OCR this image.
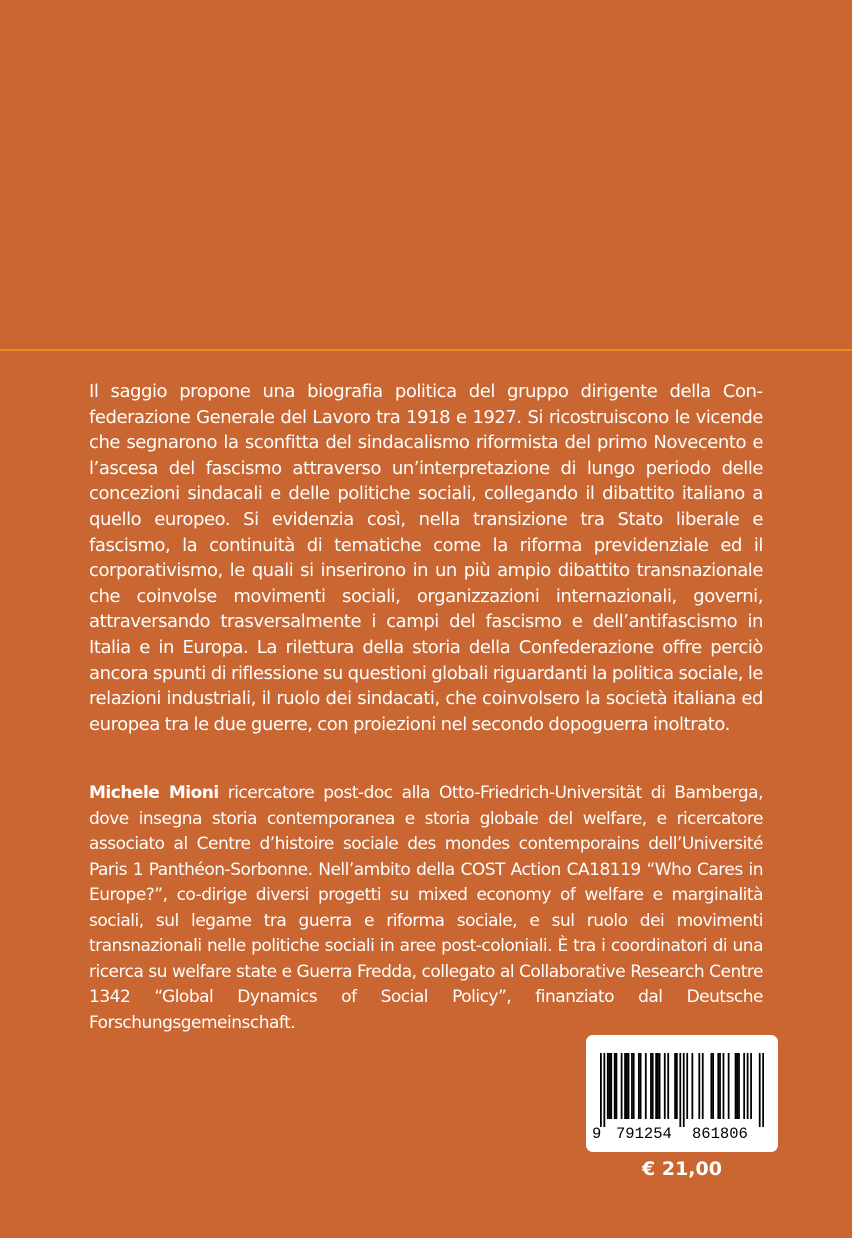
Il saggio propone una biografia politica del gruppo dirigente della Confederazione Generale del Lavoro tra 1918 e 1927. Si ricostruiscono le vicende che segnarono la sconfitta del sindacalismo riformista del primo Novecento e l’ascesa del fascismo attraverso un’interpretazione di lungo periodo delle concezioni sindacali e delle politiche sociali, collegando il dibattito italiano a quello europeo. Si evidenzia così, nella transizione tra Stato liberale e fascismo, la continuità di tematiche come la riforma previdenziale ed il corporativismo, le quali si inserirono in un più ampio dibattito transnazionale che coinvolse movimenti sociali, organizzazioni internazionali, governi, attraversando trasversalmente i campi del fascismo e dell’antifascismo in Italia e in Europa. La rilettura della storia della Confederazione offre perciò ancora spunti di riflessione su questioni globali riguardanti la politica sociale, le relazioni industriali, il ruolo dei sindacati, che coinvolsero la società italiana ed europea tra le due guerre, con proiezioni nel secondo dopoguerra inoltrato.
Michele Mioni ricercatore post-doc alla Otto-Friedrich-Universität di Bamberga, dove insegna storia contemporanea e storia globale del welfare, e ricercatore associato al Centre d’histoire sociale des mondes contemporains dell’Université Paris 1 Panthéon-Sorbonne. Nell’ambito della COST Action CA18119 “Who Cares in Europe?”, co-dirige diversi progetti su mixed economy of welfare e marginalità sociali, sul legame tra guerra e riforma sociale, e sul ruolo dei movimenti transnazionali nelle politiche sociali in aree post-coloniali. È tra i coordinatori di una ricerca su welfare state e Guerra Fredda, collegato al Collaborative Research Centre 1342 “Global Dynamics of Social Policy”, finanziato dal Deutsche Forschungsgemeinschaft.
9 791254 861806
€ 21,00
